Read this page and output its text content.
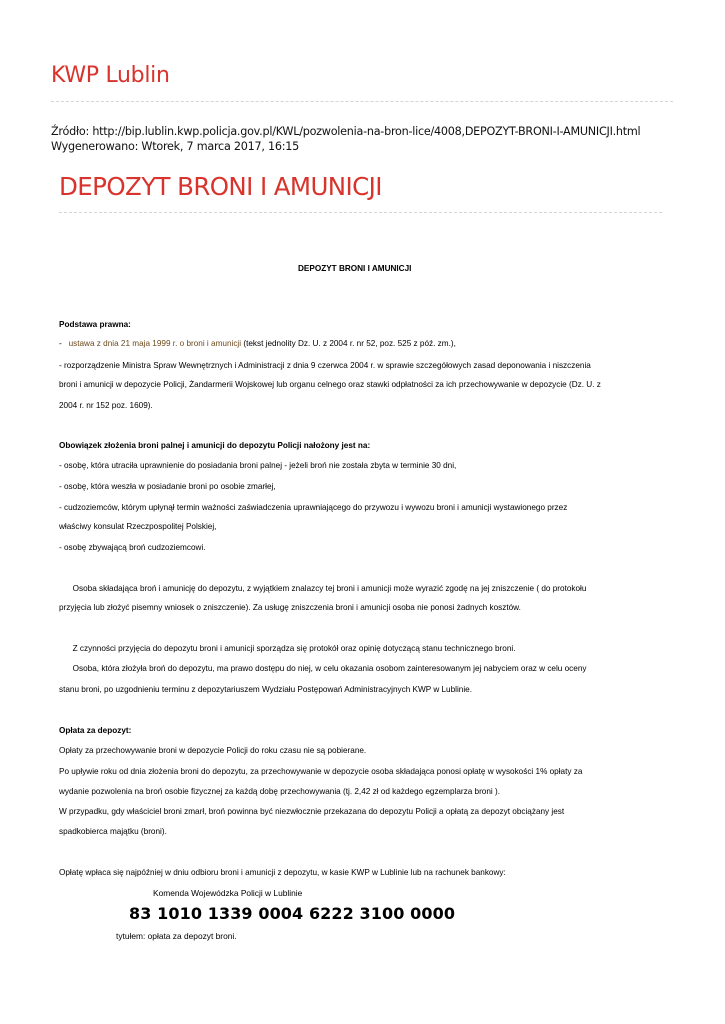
KWP Lublin
Źródło: http://bip.lublin.kwp.policja.gov.pl/KWL/pozwolenia-na-bron-lice/4008,DEPOZYT-BRONI-I-AMUNICJI.html
Wygenerowano: Wtorek, 7 marca 2017, 16:15
DEPOZYT BRONI I AMUNICJI
DEPOZYT BRONI I AMUNICJI
Podstawa prawna:
- ustawa z dnia 21 maja 1999 r. o broni i amunicji (tekst jednolity Dz. U. z 2004 r. nr 52, poz. 525 z póź. zm.),
- rozporządzenie Ministra Spraw Wewnętrznych i Administracji z dnia 9 czerwca 2004 r. w sprawie szczegółowych zasad deponowania i niszczenia
broni i amunicji w depozycie Policji, Żandarmerii Wojskowej lub organu celnego oraz stawki odpłatności za ich przechowywanie w depozycie (Dz. U. z
2004 r. nr 152 poz. 1609).
Obowiązek złożenia broni palnej i amunicji do depozytu Policji nałożony jest na:
- osobę, która utraciła uprawnienie do posiadania broni palnej - jeżeli broń nie została zbyta w terminie 30 dni,
- osobę, która weszła w posiadanie broni po osobie zmarłej,
- cudzoziemców, którym upłynął termin ważności zaświadczenia uprawniającego do przywozu i wywozu broni i amunicji wystawionego przez
właściwy konsulat Rzeczpospolitej Polskiej,
- osobę zbywającą broń cudzoziemcowi.
Osoba składająca broń i amunicję do depozytu, z wyjątkiem znalazcy tej broni i amunicji może wyrazić zgodę na jej zniszczenie ( do protokołu
przyjęcia lub złożyć pisemny wniosek o zniszczenie). Za usługę zniszczenia broni i amunicji osoba nie ponosi żadnych kosztów.
Z czynności przyjęcia do depozytu broni i amunicji sporządza się protokół oraz opinię dotyczącą stanu technicznego broni.
Osoba, która złożyła broń do depozytu, ma prawo dostępu do niej, w celu okazania osobom zainteresowanym jej nabyciem oraz w celu oceny
stanu broni, po uzgodnieniu terminu z depozytariuszem Wydziału Postępowań Administracyjnych KWP w Lublinie.
Opłata za depozyt:
Opłaty za przechowywanie broni w depozycie Policji do roku czasu nie są pobierane.
Po upływie roku od dnia złożenia broni do depozytu, za przechowywanie w depozycie osoba składająca ponosi opłatę w wysokości 1% opłaty za
wydanie pozwolenia na broń osobie fizycznej za każdą dobę przechowywania (tj. 2,42 zł od każdego egzemplarza broni ).
W przypadku, gdy właściciel broni zmarł, broń powinna być niezwłocznie przekazana do depozytu Policji a opłatą za depozyt obciążany jest
spadkobierca majątku (broni).
Opłatę wpłaca się najpóźniej w dniu odbioru broni i amunicji z depozytu, w kasie KWP w Lublinie lub na rachunek bankowy:
Komenda Wojewódzka Policji w Lublinie
83 1010 1339 0004 6222 3100 0000
tytułem: opłata za depozyt broni.
